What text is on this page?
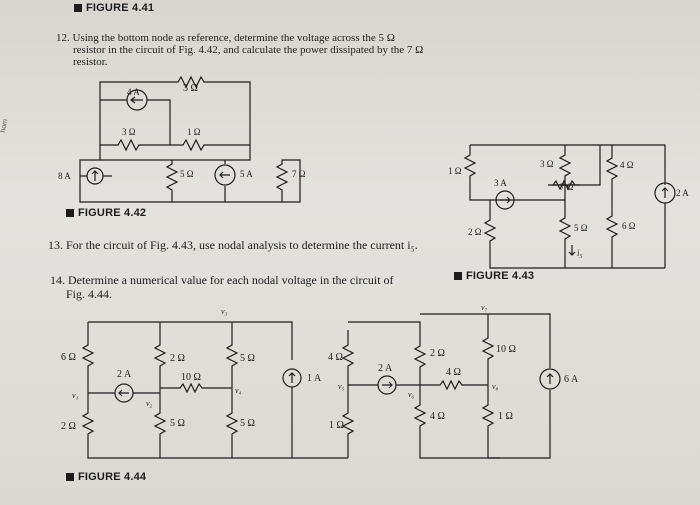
FIGURE 4.41
hom
12. Using the bottom node as reference, determine the voltage across the 5 Ω
resistor in the circuit of Fig. 4.42, and calculate the power dissipated by the 7 Ω
resistor.
13. For the circuit of Fig. 4.43, use nodal analysis to determine the current i₅.
14. Determine a numerical value for each nodal voltage in the circuit of
Fig. 4.44.
FIGURE 4.42
FIGURE 4.43
FIGURE 4.44
3 Ω
4 A
3 Ω	1 Ω
8 A	5 Ω	5 A	7 Ω	1 Ω
2 Ω
3 A
3 Ω
7 Ω
5 Ω
i₅
4 Ω
6 Ω
2 A
6 Ω
2 Ω
v₁
2 A
v₂
2 Ω
10 Ω
5 Ω
v₃
5 Ω
v₄
5 Ω
1 A
4 Ω
v₅
1 Ω
2 A
v₆
2 Ω
4 Ω
4 Ω
v₇
10 Ω
v₈
1 Ω
6 A
